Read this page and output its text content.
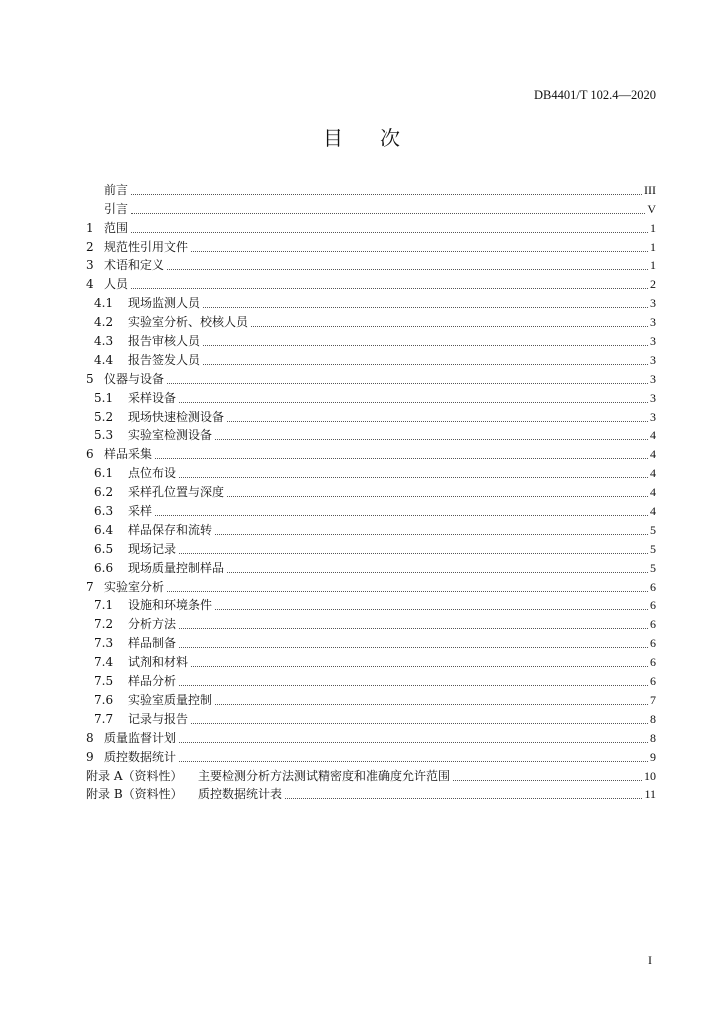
DB4401/T 102.4—2020
目 次
前言	III
引言	V
1 范围	1
2 规范性引用文件	1
3 术语和定义	1
4 人员	2
4.1	现场监测人员	3
4.2	实验室分析、校核人员	3
4.3	报告审核人员	3
4.4	报告签发人员	3
5 仪器与设备	3
5.1	采样设备	3
5.2	现场快速检测设备	3
5.3	实验室检测设备	4
6 样品采集	4
6.1	点位布设	4
6.2	采样孔位置与深度	4
6.3	采样	4
6.4	样品保存和流转	5
6.5	现场记录	5
6.6	现场质量控制样品	5
7 实验室分析	6
7.1	设施和环境条件	6
7.2	分析方法	6
7.3	样品制备	6
7.4	试剂和材料	6
7.5	样品分析	6
7.6	实验室质量控制	7
7.7	记录与报告	8
8 质量监督计划	8
9 质控数据统计	9
附录 A（资料性）	主要检测分析方法测试精密度和准确度允许范围	10
附录 B（资料性）	质控数据统计表	11
I
